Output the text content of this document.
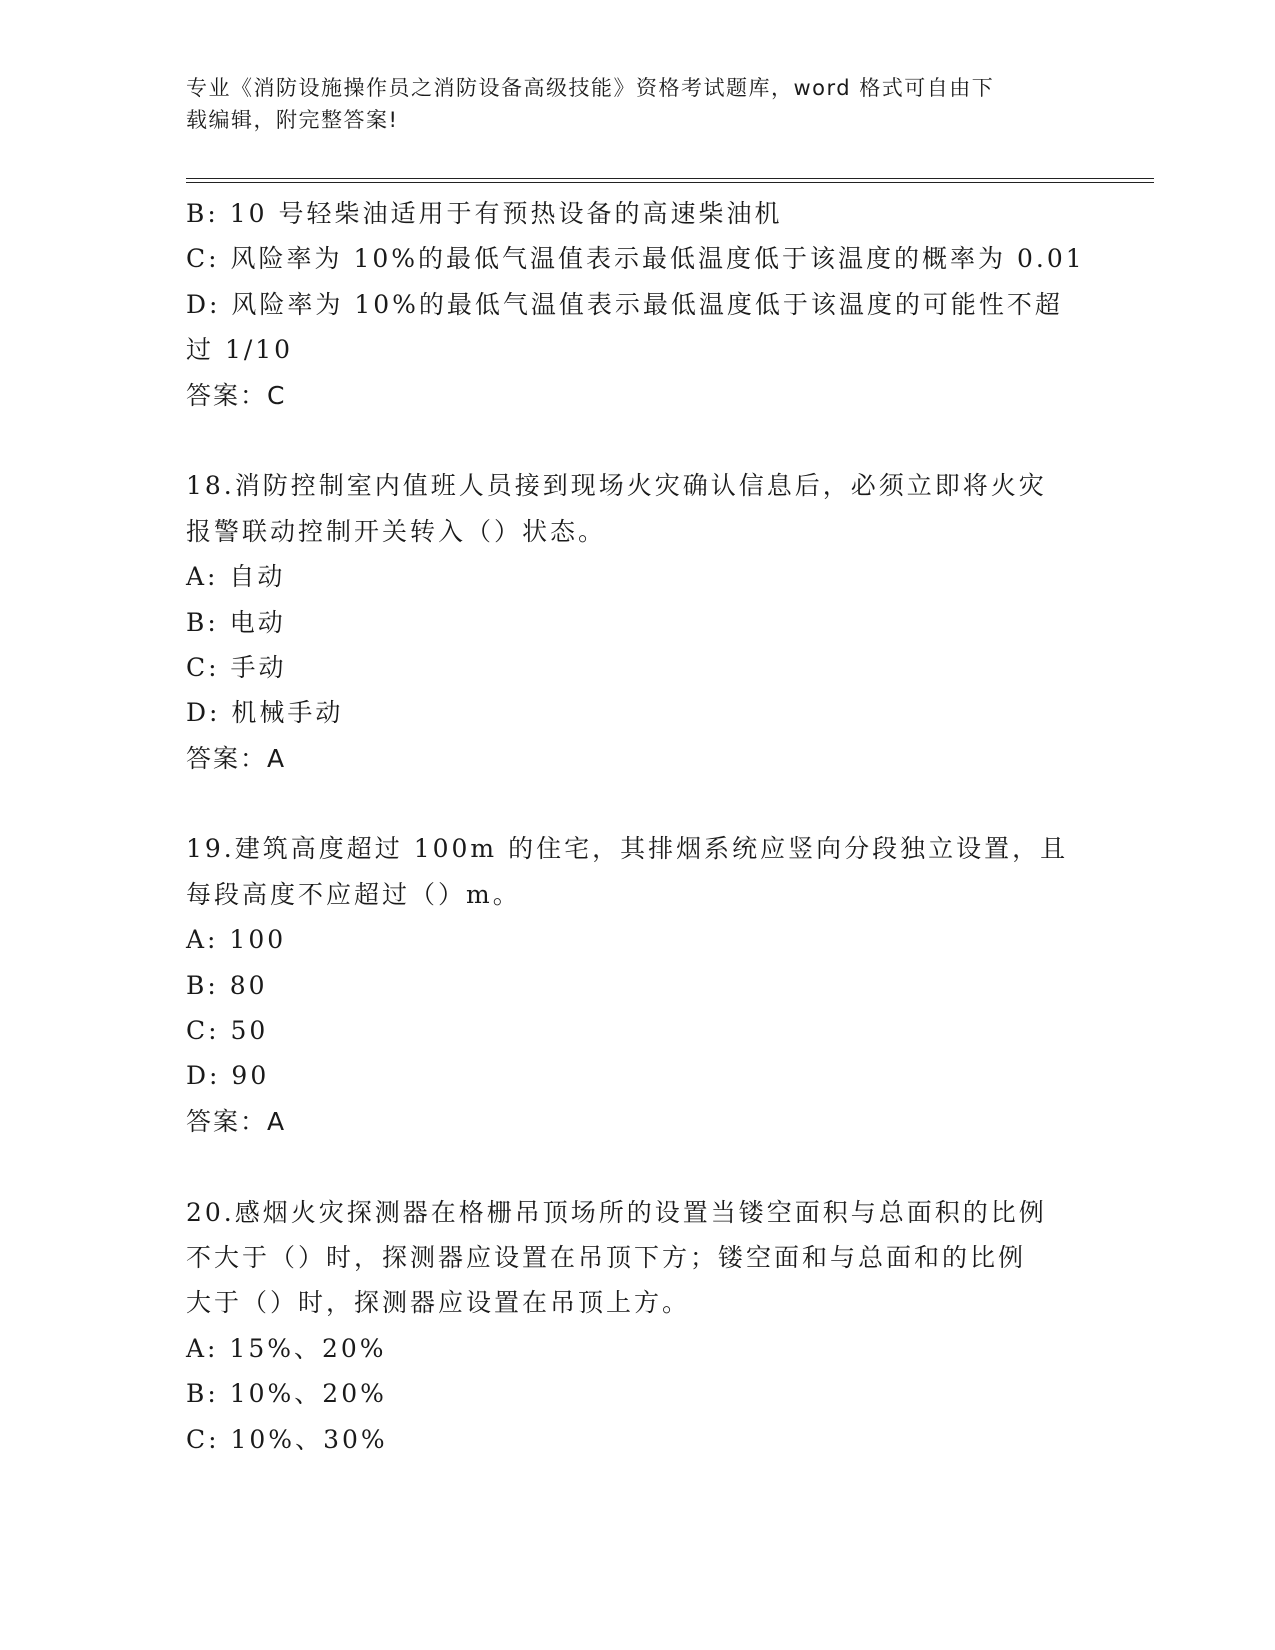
专业《消防设施操作员之消防设备高级技能》资格考试题库，word 格式可自由下
载编辑，附完整答案!
B: 10 号轻柴油适用于有预热设备的高速柴油机
C: 风险率为 10%的最低气温值表示最低温度低于该温度的概率为 0.01
D: 风险率为 10%的最低气温值表示最低温度低于该温度的可能性不超
过 1/10
答案：C
18.消防控制室内值班人员接到现场火灾确认信息后，必须立即将火灾
报警联动控制开关转入（）状态。
A: 自动
B: 电动
C: 手动
D: 机械手动
答案：A
19.建筑高度超过 100m 的住宅，其排烟系统应竖向分段独立设置，且
每段高度不应超过（）m。
A: 100
B: 80
C: 50
D: 90
答案：A
20.感烟火灾探测器在格栅吊顶场所的设置当镂空面积与总面积的比例
不大于（）时，探测器应设置在吊顶下方；镂空面和与总面和的比例
大于（）时，探测器应设置在吊顶上方。
A: 15%、20%
B: 10%、20%
C: 10%、30%
